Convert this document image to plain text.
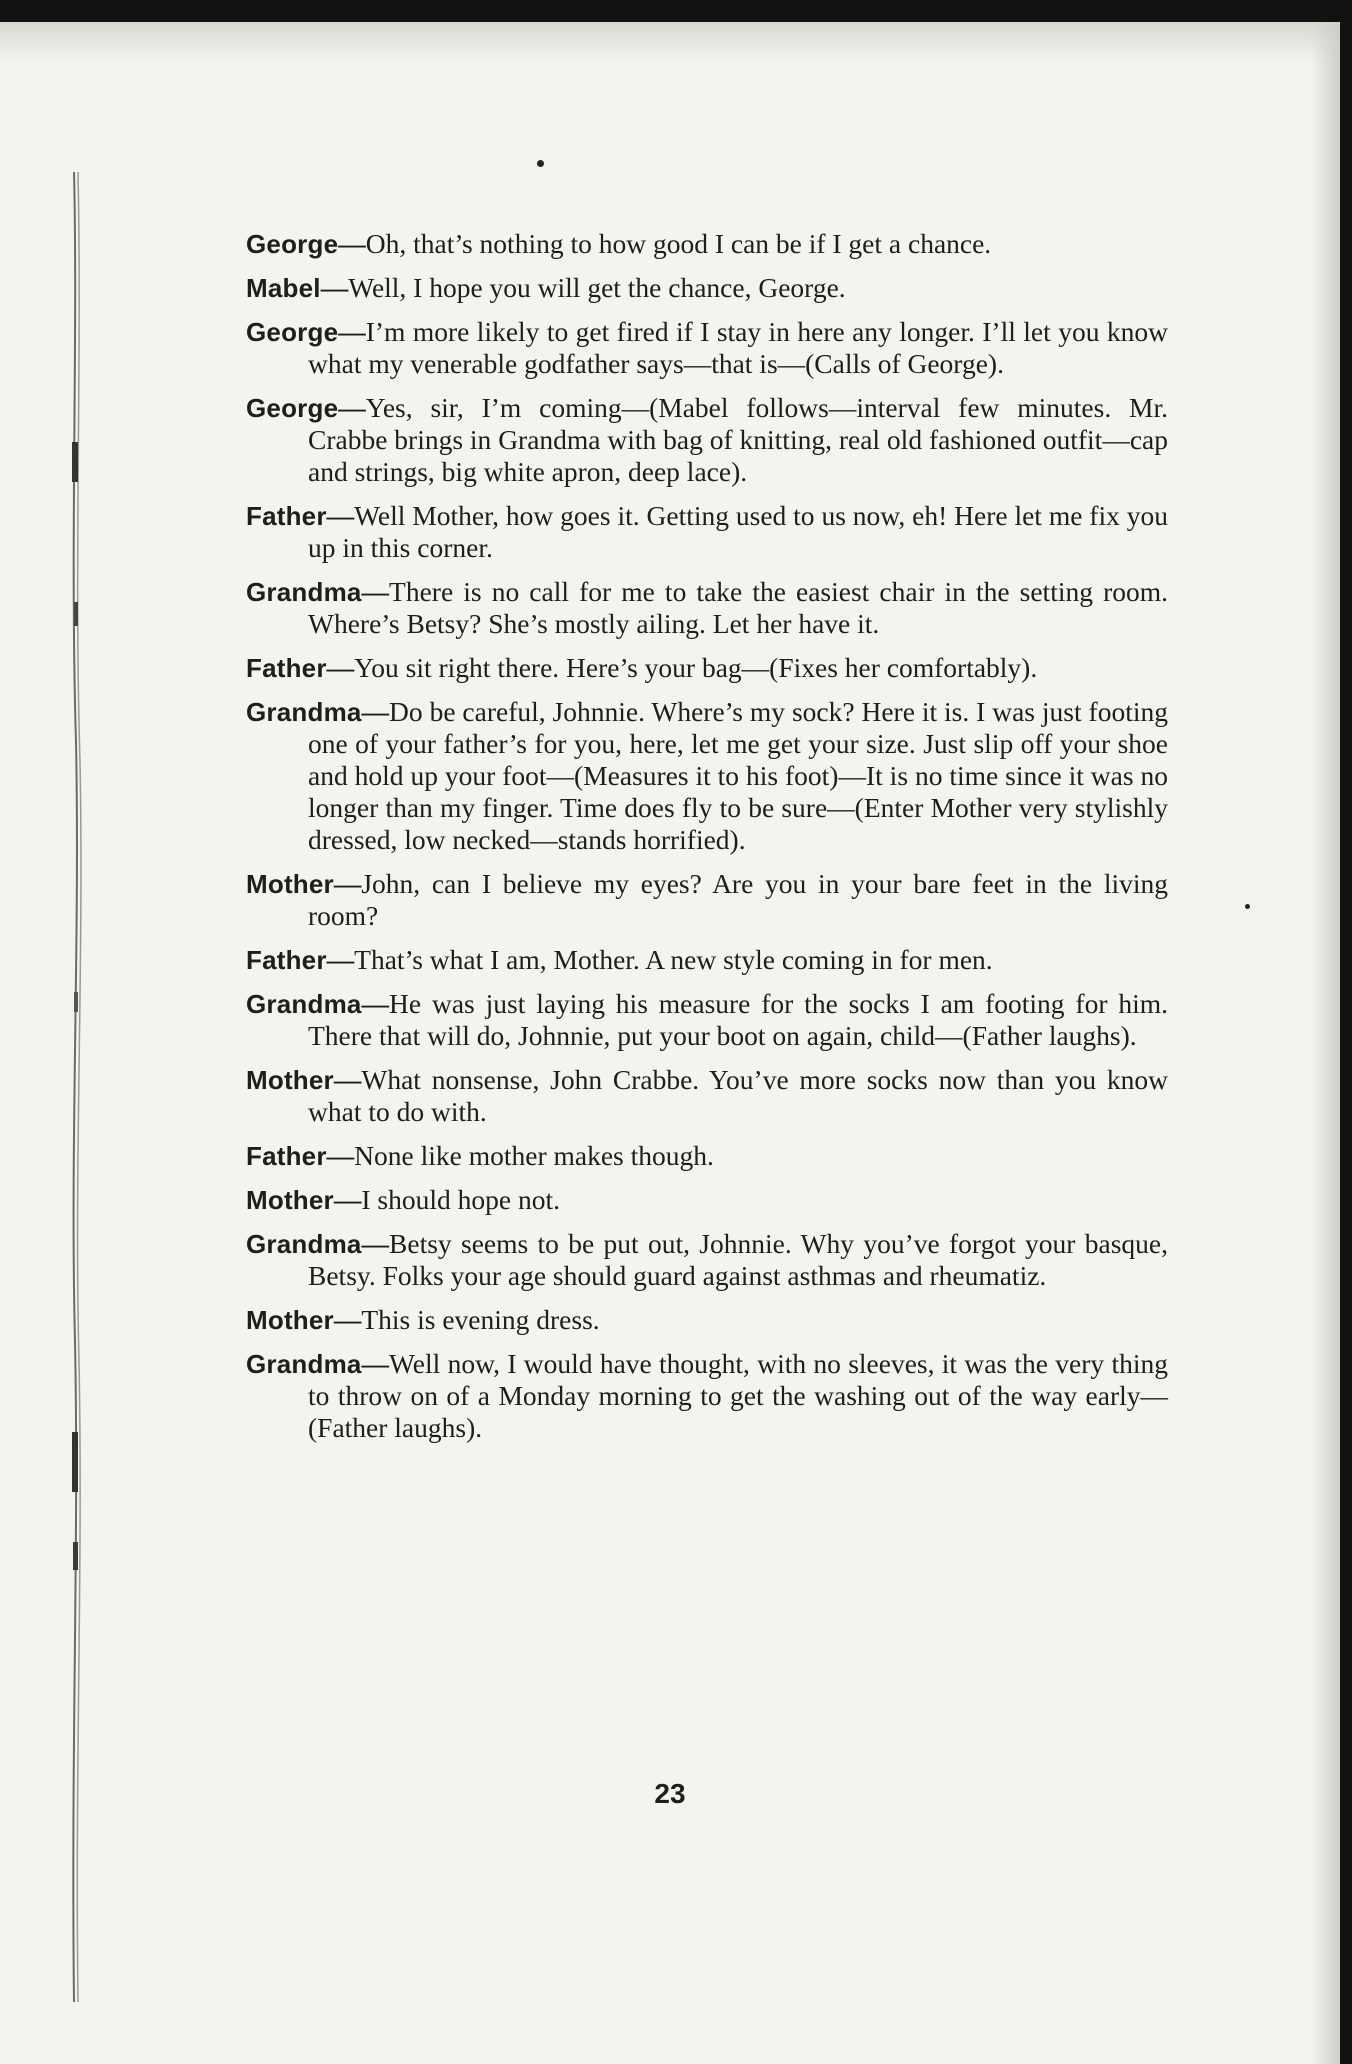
George—Oh, that’s nothing to how good I can be if I get a chance.

Mabel—Well, I hope you will get the chance, George.

George—I’m more likely to get fired if I stay in here any longer. I’ll let you know what my venerable godfather says—that is—(Calls of George).

George—Yes, sir, I’m coming—(Mabel follows—interval few minutes. Mr. Crabbe brings in Grandma with bag of knitting, real old fashioned outfit—cap and strings, big white apron, deep lace).

Father—Well Mother, how goes it. Getting used to us now, eh! Here let me fix you up in this corner.

Grandma—There is no call for me to take the easiest chair in the setting room. Where’s Betsy? She’s mostly ailing. Let her have it.

Father—You sit right there. Here’s your bag—(Fixes her comfortably).

Grandma—Do be careful, Johnnie. Where’s my sock? Here it is. I was just footing one of your father’s for you, here, let me get your size. Just slip off your shoe and hold up your foot—(Measures it to his foot)—It is no time since it was no longer than my finger. Time does fly to be sure—(Enter Mother very stylishly dressed, low necked—stands horrified).

Mother—John, can I believe my eyes? Are you in your bare feet in the living room?

Father—That’s what I am, Mother. A new style coming in for men.

Grandma—He was just laying his measure for the socks I am footing for him. There that will do, Johnnie, put your boot on again, child—(Father laughs).

Mother—What nonsense, John Crabbe. You’ve more socks now than you know what to do with.

Father—None like mother makes though.

Mother—I should hope not.

Grandma—Betsy seems to be put out, Johnnie. Why you’ve forgot your basque, Betsy. Folks your age should guard against asthmas and rheumatiz.

Mother—This is evening dress.

Grandma—Well now, I would have thought, with no sleeves, it was the very thing to throw on of a Monday morning to get the washing out of the way early—(Father laughs).

23
